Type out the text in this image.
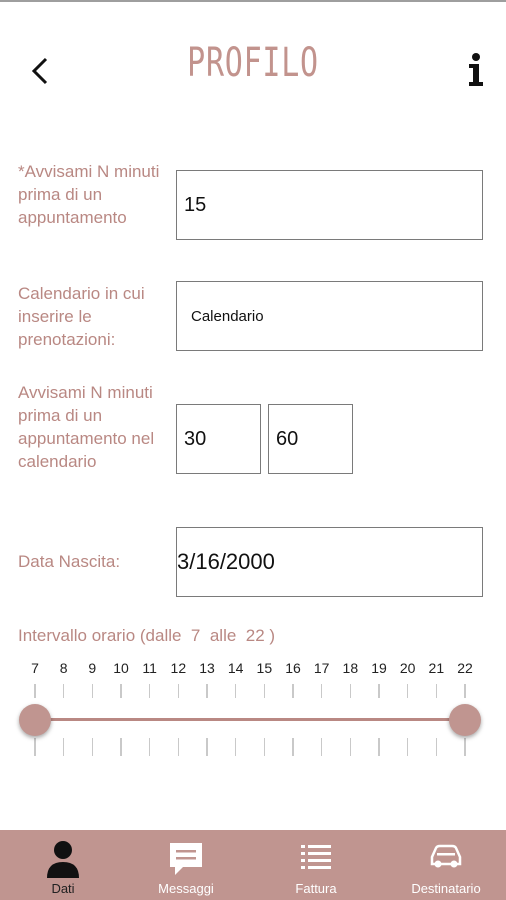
PROFILO
*Avvisami N minuti prima di un appuntamento
15
Calendario in cui inserire le prenotazioni:
Calendario
Avvisami N minuti prima di un appuntamento nel calendario
30	60
Data Nascita:	3/16/2000
Intervallo orario (dalle 7 alle 22 )
7 8 9 10 11 12 13 14 15 16 17 18 19 20 21 22
Dati	Messaggi	Fattura	Destinatario
